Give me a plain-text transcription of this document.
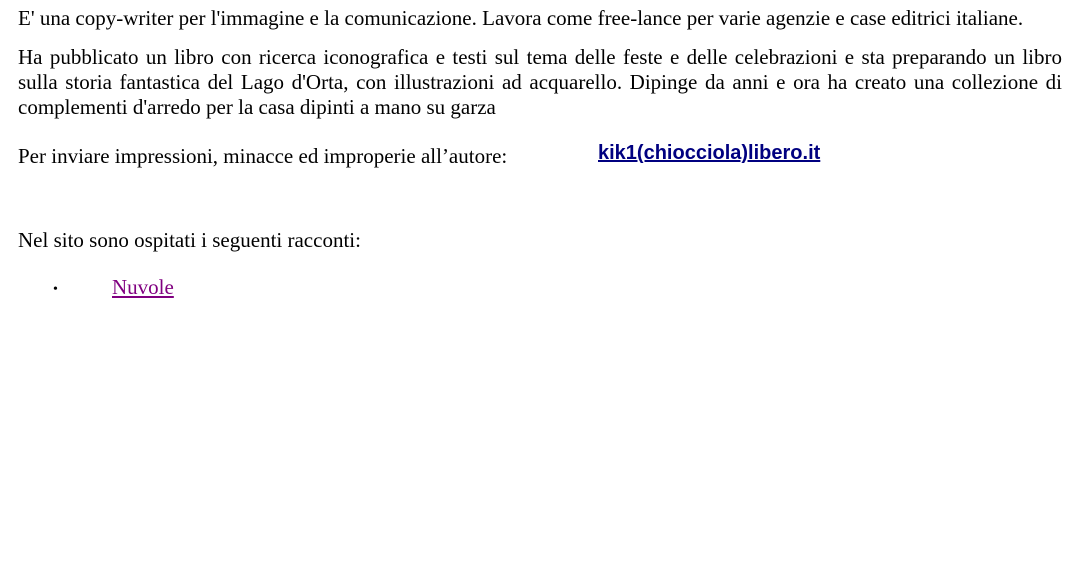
E' una copy-writer per l'immagine e la comunicazione. Lavora come free-lance per varie agenzie e case editrici italiane.

Ha pubblicato un libro con ricerca iconografica e testi sul tema delle feste e delle celebrazioni e sta preparando un libro sulla storia fantastica del Lago d'Orta, con illustrazioni ad acquarello. Dipinge da anni e ora ha creato una collezione di complementi d'arredo per la casa dipinti a mano su garza

Per inviare impressioni, minacce ed improperie all’autore:	kik1(chiocciola)libero.it

Nel sito sono ospitati i seguenti racconti:

•	Nuvole
